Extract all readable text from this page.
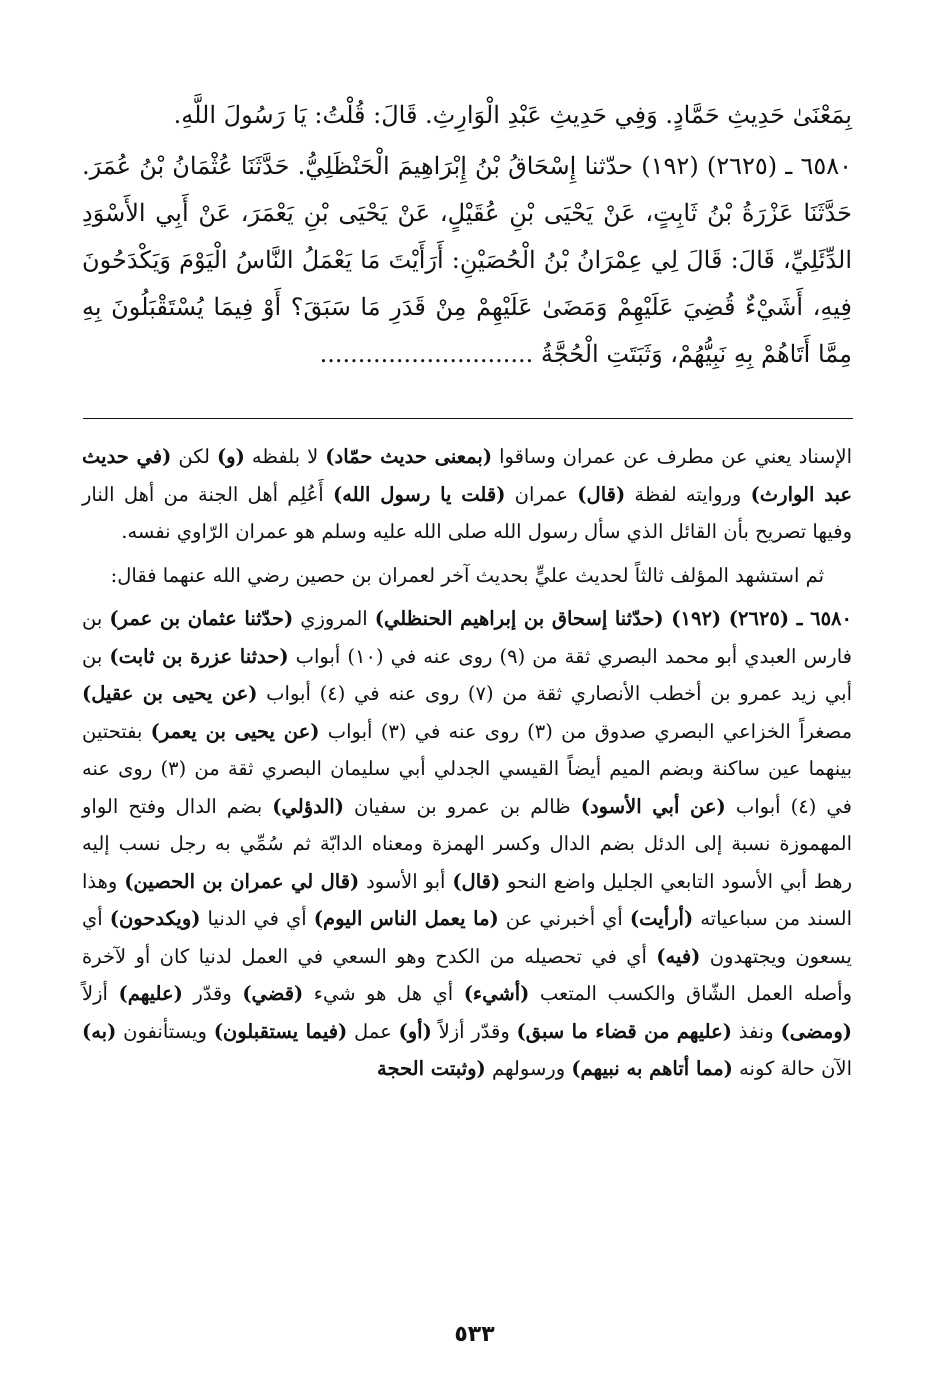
بِمَعْنَىٰ حَدِيثِ حَمَّادٍ. وَفِي حَدِيثِ عَبْدِ الْوَارِثِ. قَالَ: قُلْتُ: يَا رَسُولَ اللَّهِ.

٦٥٨٠ ـ (٢٦٢٥) (١٩٢) حدّثنا إِسْحَاقُ بْنُ إِبْرَاهِيمَ الْحَنْظَلِيُّ. حَدَّثَنَا عُثْمَانُ بْنُ عُمَرَ. حَدَّثَنَا عَزْرَةُ بْنُ ثَابِتٍ، عَنْ يَحْيَى بْنِ عُقَيْلٍ، عَنْ يَحْيَى بْنِ يَعْمَرَ، عَنْ أَبِي الأَسْوَدِ الدِّئَلِيِّ، قَالَ: قَالَ لِي عِمْرَانُ بْنُ الْحُصَيْنِ: أَرَأَيْتَ مَا يَعْمَلُ النَّاسُ الْيَوْمَ وَيَكْدَحُونَ فِيهِ، أَشَيْءٌ قُضِيَ عَلَيْهِمْ وَمَضَىٰ عَلَيْهِمْ مِنْ قَدَرِ مَا سَبَقَ؟ أَوْ فِيمَا يُسْتَقْبَلُونَ بِهِ مِمَّا أَتَاهُمْ بِهِ نَبِيُّهُمْ، وَثَبَتَتِ الْحُجَّةُ ............................

الإسناد يعني عن مطرف عن عمران وساقوا (بمعنى حديث حمّاد) لا بلفظه (و) لكن (في حديث عبد الوارث) وروايته لفظة (قال) عمران (قلت يا رسول الله) أَعُلِم أهل الجنة من أهل النار وفيها تصريح بأن القائل الذي سأل رسول الله صلى الله عليه وسلم هو عمران الرّاوي نفسه.

ثم استشهد المؤلف ثالثاً لحديث عليٍّ بحديث آخر لعمران بن حصين رضي الله عنهما فقال:

٦٥٨٠ ـ (٢٦٢٥) (١٩٢) (حدّثنا إسحاق بن إبراهيم الحنظلي) المروزي (حدّثنا عثمان بن عمر) بن فارس العبدي أبو محمد البصري ثقة من (٩) روى عنه في (١٠) أبواب (حدثنا عزرة بن ثابت) بن أبي زيد عمرو بن أخطب الأنصاري ثقة من (٧) روى عنه في (٤) أبواب (عن يحيى بن عقيل) مصغراً الخزاعي البصري صدوق من (٣) روى عنه في (٣) أبواب (عن يحيى بن يعمر) بفتحتين بينهما عين ساكنة وبضم الميم أيضاً القيسي الجدلي أبي سليمان البصري ثقة من (٣) روى عنه في (٤) أبواب (عن أبي الأسود) ظالم بن عمرو بن سفيان (الدؤلي) بضم الدال وفتح الواو المهموزة نسبة إلى الدئل بضم الدال وكسر الهمزة ومعناه الدابّة ثم سُمِّي به رجل نسب إليه رهط أبي الأسود التابعي الجليل واضع النحو (قال) أبو الأسود (قال لي عمران بن الحصين) وهذا السند من سباعياته (أرأيت) أي أخبرني عن (ما يعمل الناس اليوم) أي في الدنيا (ويكدحون) أي يسعون ويجتهدون (فيه) أي في تحصيله من الكدح وهو السعي في العمل لدنيا كان أو لآخرة وأصله العمل الشّاق والكسب المتعب (أشيء) أي هل هو شيء (قضي) وقدّر (عليهم) أزلاً (ومضى) ونفذ (عليهم من قضاء ما سبق) وقدّر أزلاً (أو) عمل (فيما يستقبلون) ويستأنفون (به) الآن حالة كونه (مما أتاهم به نبيهم) ورسولهم (وثبتت الحجة

٥٣٣
